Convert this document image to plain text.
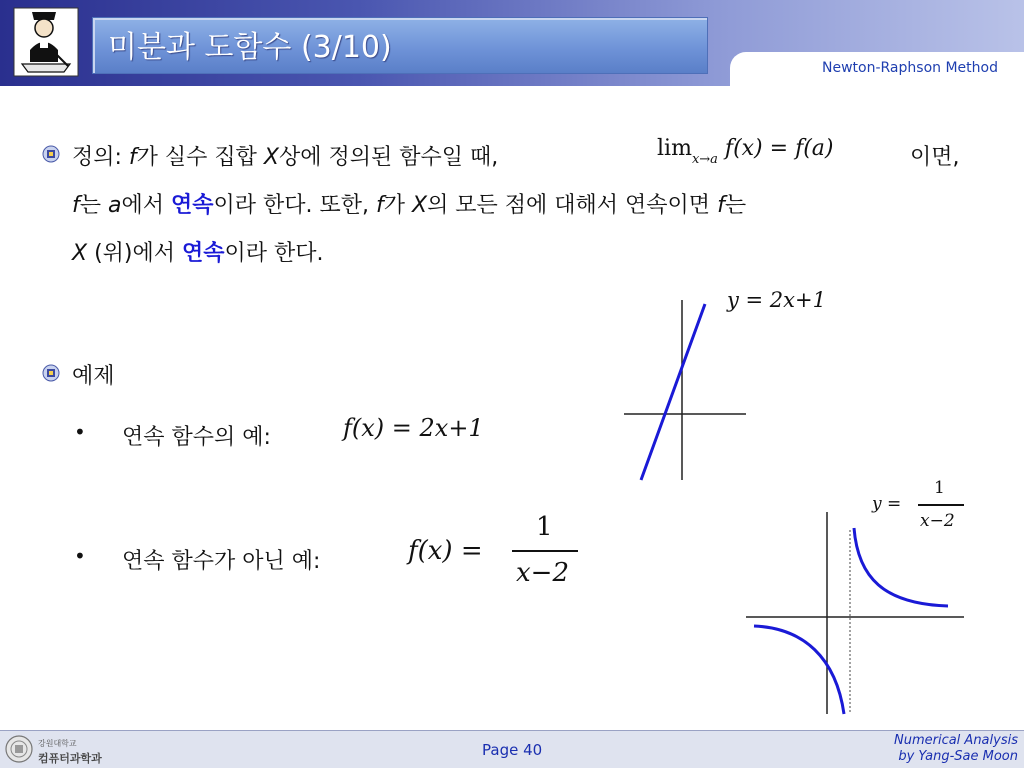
미분과 도함수 (3/10)
Newton-Raphson Method
정의: f가 실수 집합 X상에 정의된 함수일 때,	$\lim_{x\to a} f(x) = f(a)$	이면,
f는 a에서 연속이라 한다. 또한, f가 X의 모든 점에 대해서 연속이면 f는
X (위)에서 연속이라 한다.
예제
• 연속 함수의 예:	f(x) = 2x+1
• 연속 함수가 아닌 예:	f(x) =
1
x−2
y = 2x+1
y =
1
x−2
강원대학교
컴퓨터과학과	Page 40
Numerical Analysis
by Yang-Sae Moon
